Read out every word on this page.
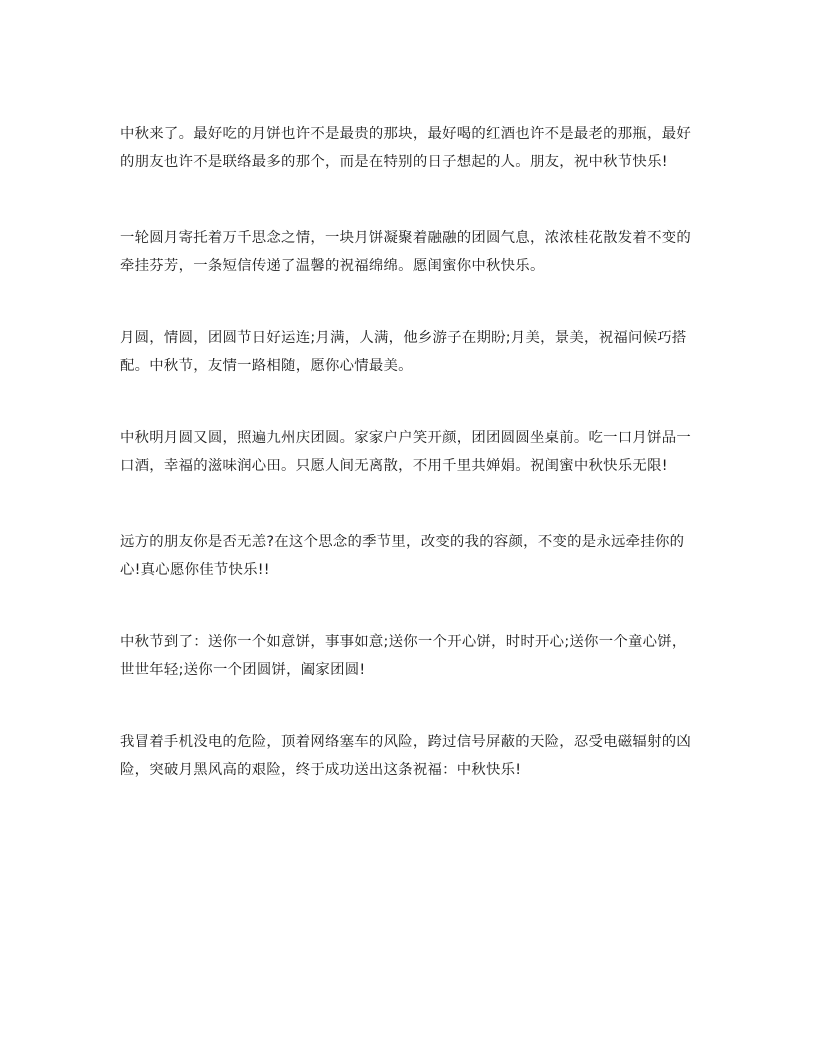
中秋来了。最好吃的月饼也许不是最贵的那块，最好喝的红酒也许不是最老的那瓶，最好的朋友也许不是联络最多的那个，而是在特别的日子想起的人。朋友，祝中秋节快乐!

一轮圆月寄托着万千思念之情，一块月饼凝聚着融融的团圆气息，浓浓桂花散发着不变的牵挂芬芳，一条短信传递了温馨的祝福绵绵。愿闺蜜你中秋快乐。

月圆，情圆，团圆节日好运连;月满，人满，他乡游子在期盼;月美，景美，祝福问候巧搭配。中秋节，友情一路相随，愿你心情最美。

中秋明月圆又圆，照遍九州庆团圆。家家户户笑开颜，团团圆圆坐桌前。吃一口月饼品一口酒，幸福的滋味润心田。只愿人间无离散，不用千里共婵娟。祝闺蜜中秋快乐无限!

远方的朋友你是否无恙?在这个思念的季节里，改变的我的容颜，不变的是永远牵挂你的心!真心愿你佳节快乐!!

中秋节到了：送你一个如意饼，事事如意;送你一个开心饼，时时开心;送你一个童心饼，世世年轻;送你一个团圆饼，阖家团圆!

我冒着手机没电的危险，顶着网络塞车的风险，跨过信号屏蔽的天险，忍受电磁辐射的凶险，突破月黑风高的艰险，终于成功送出这条祝福：中秋快乐!
